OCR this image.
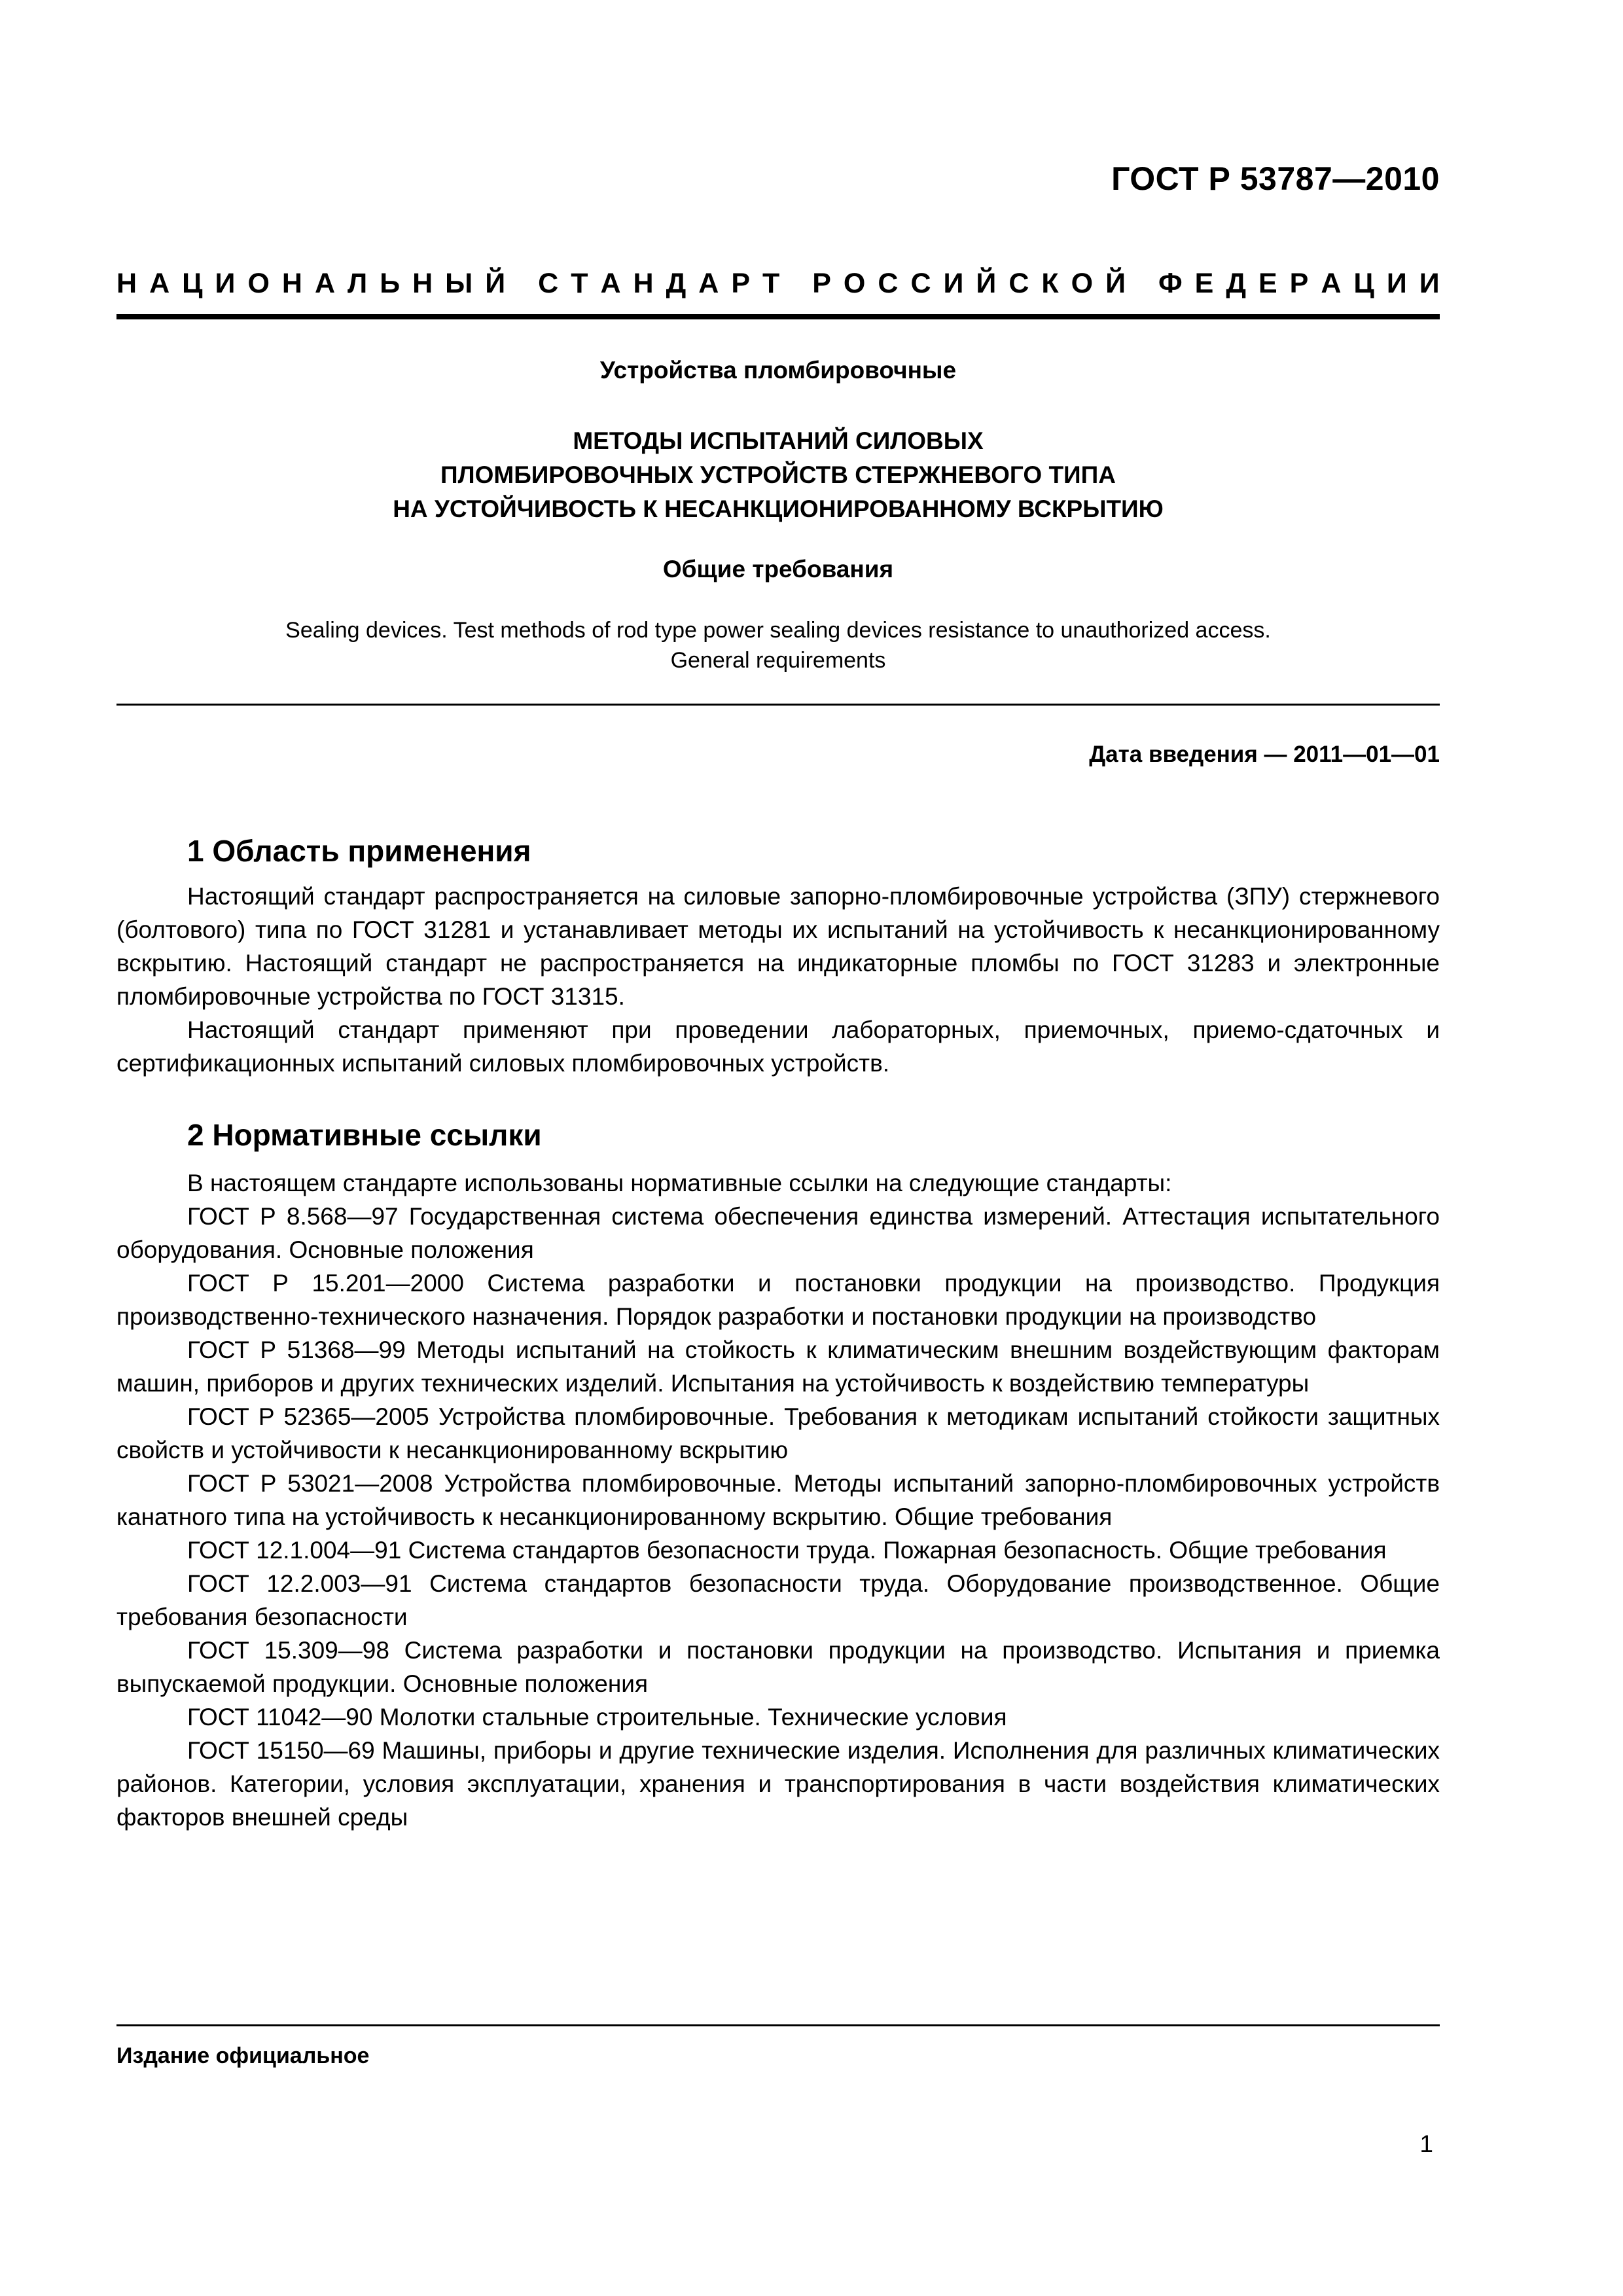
ГОСТ Р 53787—2010
Н А Ц И О Н А Л Ь Н Ы Й
С Т А Н Д А Р Т
Р О С С И Й С К О Й
Ф Е Д Е Р А Ц И И

Устройства пломбировочные

МЕТОДЫ ИСПЫТАНИЙ СИЛОВЫХ
ПЛОМБИРОВОЧНЫХ УСТРОЙСТВ СТЕРЖНЕВОГО ТИПА
НА УСТОЙЧИВОСТЬ К НЕСАНКЦИОНИРОВАННОМУ ВСКРЫТИЮ

Общие требования

Sealing devices. Test methods of rod type power sealing devices resistance to unauthorized access.
General requirements
Дата введения — 2011—01—01
1 Область применения

Настоящий стандарт распространяется на силовые запорно-пломбировочные устройства (ЗПУ) стержневого (болтового) типа по ГОСТ 31281 и устанавливает методы их испытаний на устойчивость к несанкционированному вскрытию. Настоящий стандарт не распространяется на индикаторные пломбы по ГОСТ 31283 и электронные пломбировочные устройства по ГОСТ 31315.

Настоящий стандарт применяют при проведении лабораторных, приемочных, приемо-сдаточных и сертификационных испытаний силовых пломбировочных устройств.

2 Нормативные ссылки

В настоящем стандарте использованы нормативные ссылки на следующие стандарты:

ГОСТ Р 8.568—97 Государственная система обеспечения единства измерений. Аттестация испытательного оборудования. Основные положения

ГОСТ Р 15.201—2000 Система разработки и постановки продукции на производство. Продукция производственно-технического назначения. Порядок разработки и постановки продукции на производство

ГОСТ Р 51368—99 Методы испытаний на стойкость к климатическим внешним воздействующим факторам машин, приборов и других технических изделий. Испытания на устойчивость к воздействию температуры

ГОСТ Р 52365—2005 Устройства пломбировочные. Требования к методикам испытаний стойкости защитных свойств и устойчивости к несанкционированному вскрытию

ГОСТ Р 53021—2008 Устройства пломбировочные. Методы испытаний запорно-пломбировочных устройств канатного типа на устойчивость к несанкционированному вскрытию. Общие требования

ГОСТ 12.1.004—91 Система стандартов безопасности труда. Пожарная безопасность. Общие требования

ГОСТ 12.2.003—91 Система стандартов безопасности труда. Оборудование производственное. Общие требования безопасности

ГОСТ 15.309—98 Система разработки и постановки продукции на производство. Испытания и приемка выпускаемой продукции. Основные положения

ГОСТ 11042—90 Молотки стальные строительные. Технические условия

ГОСТ 15150—69 Машины, приборы и другие технические изделия. Исполнения для различных климатических районов. Категории, условия эксплуатации, хранения и транспортирования в части воздействия климатических факторов внешней среды

Издание официальное
1
